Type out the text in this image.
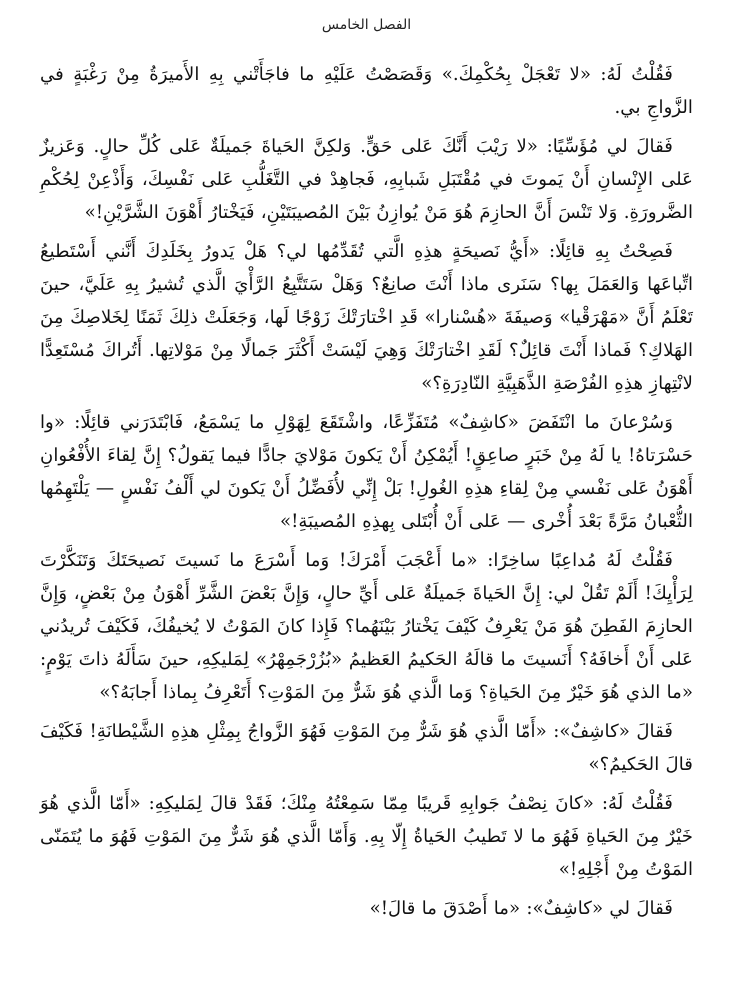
الفصل الخامس

فَقُلْتُ لَهُ: «لا تَعْجَلْ بِحُكْمِكَ.» وَقَصَصْتُ عَلَيْهِ ما فاجَأَتْني بِهِ الأَميرَةُ مِنْ رَغْبَةٍ في الزَّواجِ بي.

فَقالَ لي مُؤَسِّيًا: «لا رَيْبَ أَنَّكَ عَلى حَقٍّ. وَلكِنَّ الحَياةَ جَميلَةٌ عَلى كُلِّ حالٍ. وَعَزيزٌ عَلى الإِنْسانِ أَنْ يَموتَ في مُقْتَبَلِ شَبابِهِ، فَجاهِدْ في التَّغَلُّبِ عَلى نَفْسِكَ، وَأَذْعِنْ لِحُكْمِ الضَّرورَةِ. وَلا تَنْسَ أَنَّ الحازِمَ هُوَ مَنْ يُوازِنُ بَيْنَ المُصيبَتَيْنِ، فَيَخْتارُ أَهْوَنَ الشَّرَّيْنِ!»

فَصِحْتُ بِهِ قائِلًا: «أَيُّ نَصيحَةٍ هذِهِ الَّتي تُقَدِّمُها لي؟ هَلْ يَدورُ بِخَلَدِكَ أَنَّني أَسْتَطيعُ اتِّباعَها وَالعَمَلَ بِها؟ سَنَرى ماذا أَنْتَ صانِعٌ؟ وَهَلْ سَتَتَّبِعُ الرَّأْيَ الَّذي تُشيرُ بِهِ عَلَيَّ، حينَ تَعْلَمُ أَنَّ «مَهْرَقْيا» وَصيفَةَ «هُسْنارا» قَدِ اخْتارَتْكَ زَوْجًا لَها، وَجَعَلَتْ ذلِكَ ثَمَنًا لِخَلاصِكَ مِنَ الهَلاكِ؟ فَماذا أَنْتَ قائِلٌ؟ لَقَدِ اخْتارَتْكَ وَهِيَ لَيْسَتْ أَكْثَرَ جَمالًا مِنْ مَوْلاتِها. أَتُراكَ مُسْتَعِدًّا لانْتِهازِ هذِهِ الفُرْصَةِ الذَّهَبِيَّةِ النّادِرَةِ؟»

وَسُرْعانَ ما انْتَفَضَ «كاشِفٌ» مُتَفَزِّعًا، واشْتَقَعَ لِهَوْلِ ما يَسْمَعُ، فَابْتَدَرَني قائِلًا: «وا حَسْرَتاهُ! يا لَهُ مِنْ خَبَرٍ صاعِقٍ! أَيُمْكِنُ أَنْ يَكونَ مَوْلايَ جادًّا فيما يَقولُ؟ إِنَّ لِقاءَ الأُفْعُوانِ أَهْوَنُ عَلى نَفْسي مِنْ لِقاءِ هذِهِ الغُولِ! بَلْ إِنِّي لأُفَضِّلُ أَنْ يَكونَ لي أَلْفُ نَفْسٍ — يَلْتَهِمُها الثُّعْبانُ مَرَّةً بَعْدَ أُخْرى — عَلى أَنْ أُبْتَلى بِهذِهِ المُصيبَةِ!»

فَقُلْتُ لَهُ مُداعِبًا ساخِرًا: «ما أَعْجَبَ أَمْرَكَ! وَما أَسْرَعَ ما نَسيتَ نَصيحَتَكَ وَتَنَكَّرْتَ لِرَأْيِكَ! أَلَمْ تَقُلْ لي: إِنَّ الحَياةَ جَميلَةٌ عَلى أَيِّ حالٍ، وَإِنَّ بَعْضَ الشَّرِّ أَهْوَنُ مِنْ بَعْضٍ، وَإِنَّ الحازِمَ الفَطِنَ هُوَ مَنْ يَعْرِفُ كَيْفَ يَخْتارُ بَيْنَهُما؟ فَإِذا كانَ المَوْتُ لا يُخيفُكَ، فَكَيْفَ تُريدُني عَلى أَنْ أَخافَهُ؟ أَنَسيتَ ما قالَهُ الحَكيمُ العَظيمُ «بُزُرْجَمِهْرُ» لِمَليكِهِ، حينَ سَأَلَهُ ذاتَ يَوْمٍ: «ما الذي هُوَ خَيْرٌ مِنَ الحَياةِ؟ وَما الَّذي هُوَ شَرٌّ مِنَ المَوْتِ؟ أَتَعْرِفُ بِماذا أَجابَهُ؟»

فَقالَ «كاشِفٌ»: «أَمّا الَّذي هُوَ شَرٌّ مِنَ المَوْتِ فَهُوَ الزَّواجُ بِمِثْلِ هذِهِ الشَّيْطانَةِ! فَكَيْفَ قالَ الحَكيمُ؟»

فَقُلْتُ لَهُ: «كانَ نِصْفُ جَوابِهِ قَريبًا مِمّا سَمِعْتُهُ مِنْكَ؛ فَقَدْ قالَ لِمَليكِهِ: «أَمّا الَّذي هُوَ خَيْرٌ مِنَ الحَياةِ فَهُوَ ما لا تَطيبُ الحَياةُ إِلّا بِهِ. وَأَمّا الَّذي هُوَ شَرٌّ مِنَ المَوْتِ فَهُوَ ما يُتَمَنّى المَوْتُ مِنْ أَجْلِهِ!»

فَقالَ لي «كاشِفٌ»: «ما أَصْدَقَ ما قالَ!»
